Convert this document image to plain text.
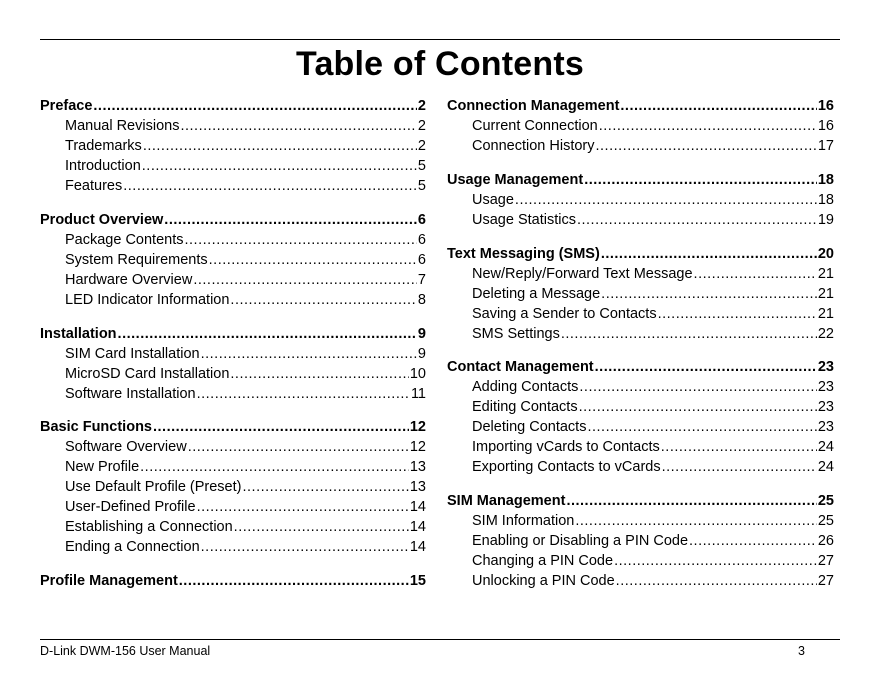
Table of Contents
Preface .....	2
Manual Revisions .....	2
Trademarks .....	2
Introduction .....	5
Features .....	5
Product Overview .....	6
Package Contents .....	6
System Requirements .....	6
Hardware Overview .....	7
LED Indicator Information .....	8
Installation .....	9
SIM Card Installation .....	9
MicroSD Card Installation .....	10
Software Installation .....	11
Basic Functions .....	12
Software Overview .....	12
New Profile .....	13
Use Default Profile (Preset) .....	13
User-Defined Profile .....	14
Establishing a Connection .....	14
Ending a Connection .....	14
Profile Management .....	15
Connection Management .....	16
Current Connection .....	16
Connection History .....	17
Usage Management .....	18
Usage .....	18
Usage Statistics .....	19
Text Messaging (SMS) .....	20
New/Reply/Forward Text Message .....	21
Deleting a Message .....	21
Saving a Sender to Contacts .....	21
SMS Settings .....	22
Contact Management .....	23
Adding Contacts .....	23
Editing Contacts .....	23
Deleting Contacts .....	23
Importing vCards to Contacts .....	24
Exporting Contacts to vCards .....	24
SIM Management .....	25
SIM Information .....	25
Enabling or Disabling a PIN Code .....	26
Changing a PIN Code .....	27
Unlocking a PIN Code .....	27
D-Link DWM-156 User Manual	3
